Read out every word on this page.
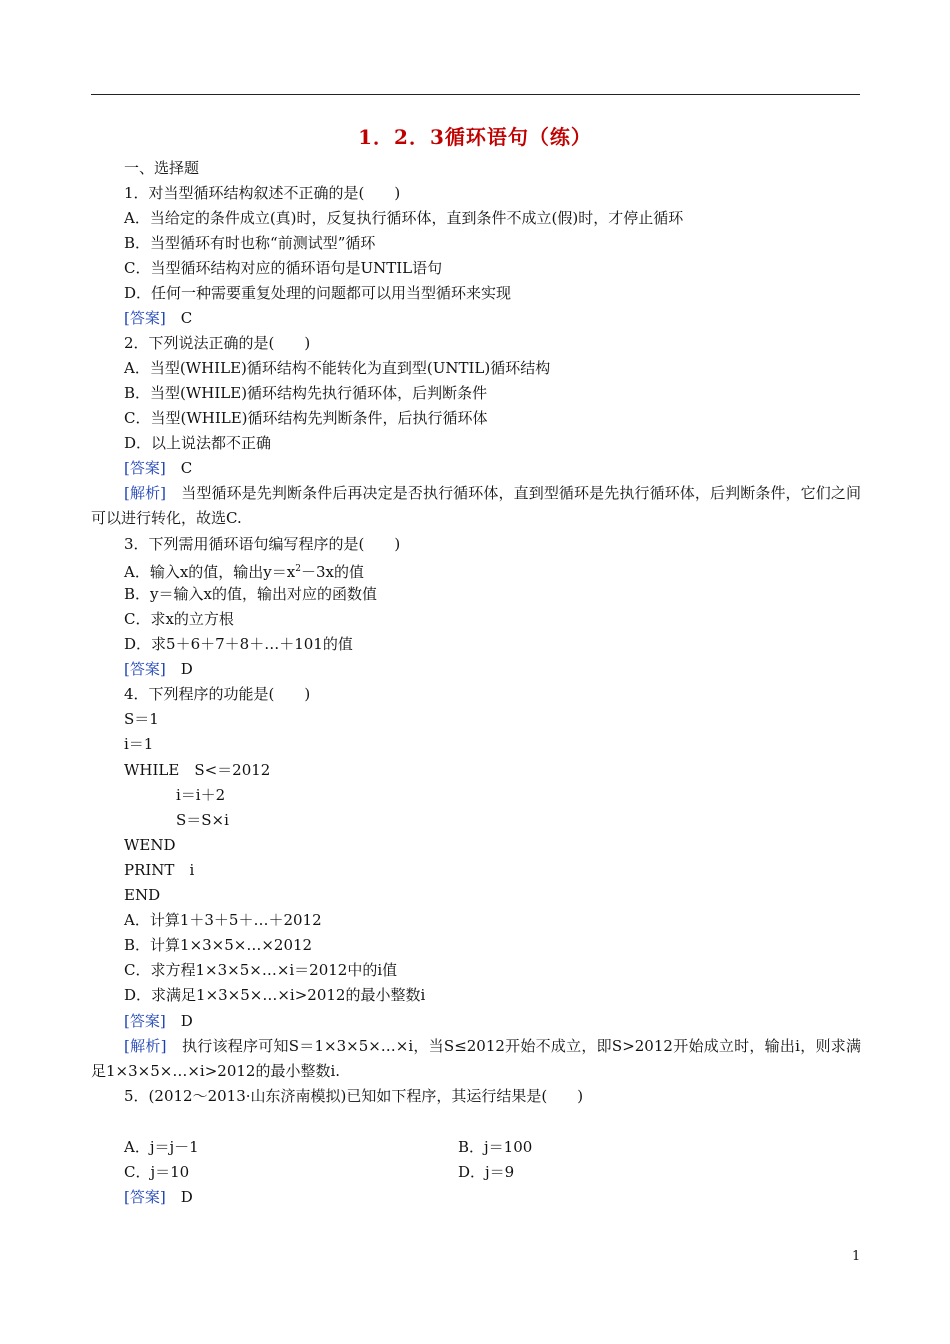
1．2．3循环语句（练）
一、选择题
1．对当型循环结构叙述不正确的是(　　)
A．当给定的条件成立(真)时，反复执行循环体，直到条件不成立(假)时，才停止循环
B．当型循环有时也称“前测试型”循环
C．当型循环结构对应的循环语句是UNTIL语句
D．任何一种需要重复处理的问题都可以用当型循环来实现
[答案]　C
2．下列说法正确的是(　　)
A．当型(WHILE)循环结构不能转化为直到型(UNTIL)循环结构
B．当型(WHILE)循环结构先执行循环体，后判断条件
C．当型(WHILE)循环结构先判断条件，后执行循环体
D．以上说法都不正确
[答案]　C
[解析]　当型循环是先判断条件后再决定是否执行循环体，直到型循环是先执行循环体，后判断条件，它们之间可以进行转化，故选C.
3．下列需用循环语句编写程序的是(　　)
A．输入x的值，输出$y=x^2-3x$的值
B．y＝输入x的值，输出对应的函数值
C．求x的立方根
D．求5＋6＋7＋8＋…＋101的值
[答案]　D
4．下列程序的功能是(　　)
S＝1
i＝1
WHILE　S<＝2012
i＝i＋2
S＝S×i
WEND
PRINT　i
END
A．计算1＋3＋5＋…＋2012
B．计算1×3×5×…×2012
C．求方程1×3×5×…×i＝2012中的i值
D．求满足1×3×5×…×i>2012的最小整数i
[答案]　D
[解析]　执行该程序可知S＝1×3×5×…×i，当S≤2012开始不成立，即S>2012开始成立时，输出i，则求满足1×3×5×…×i>2012的最小整数i.
5．(2012～2013·山东济南模拟)已知如下程序，其运行结果是(　　)
A．j＝j－1	B．j＝100
C．j＝10	D．j＝9
[答案]　D
1
